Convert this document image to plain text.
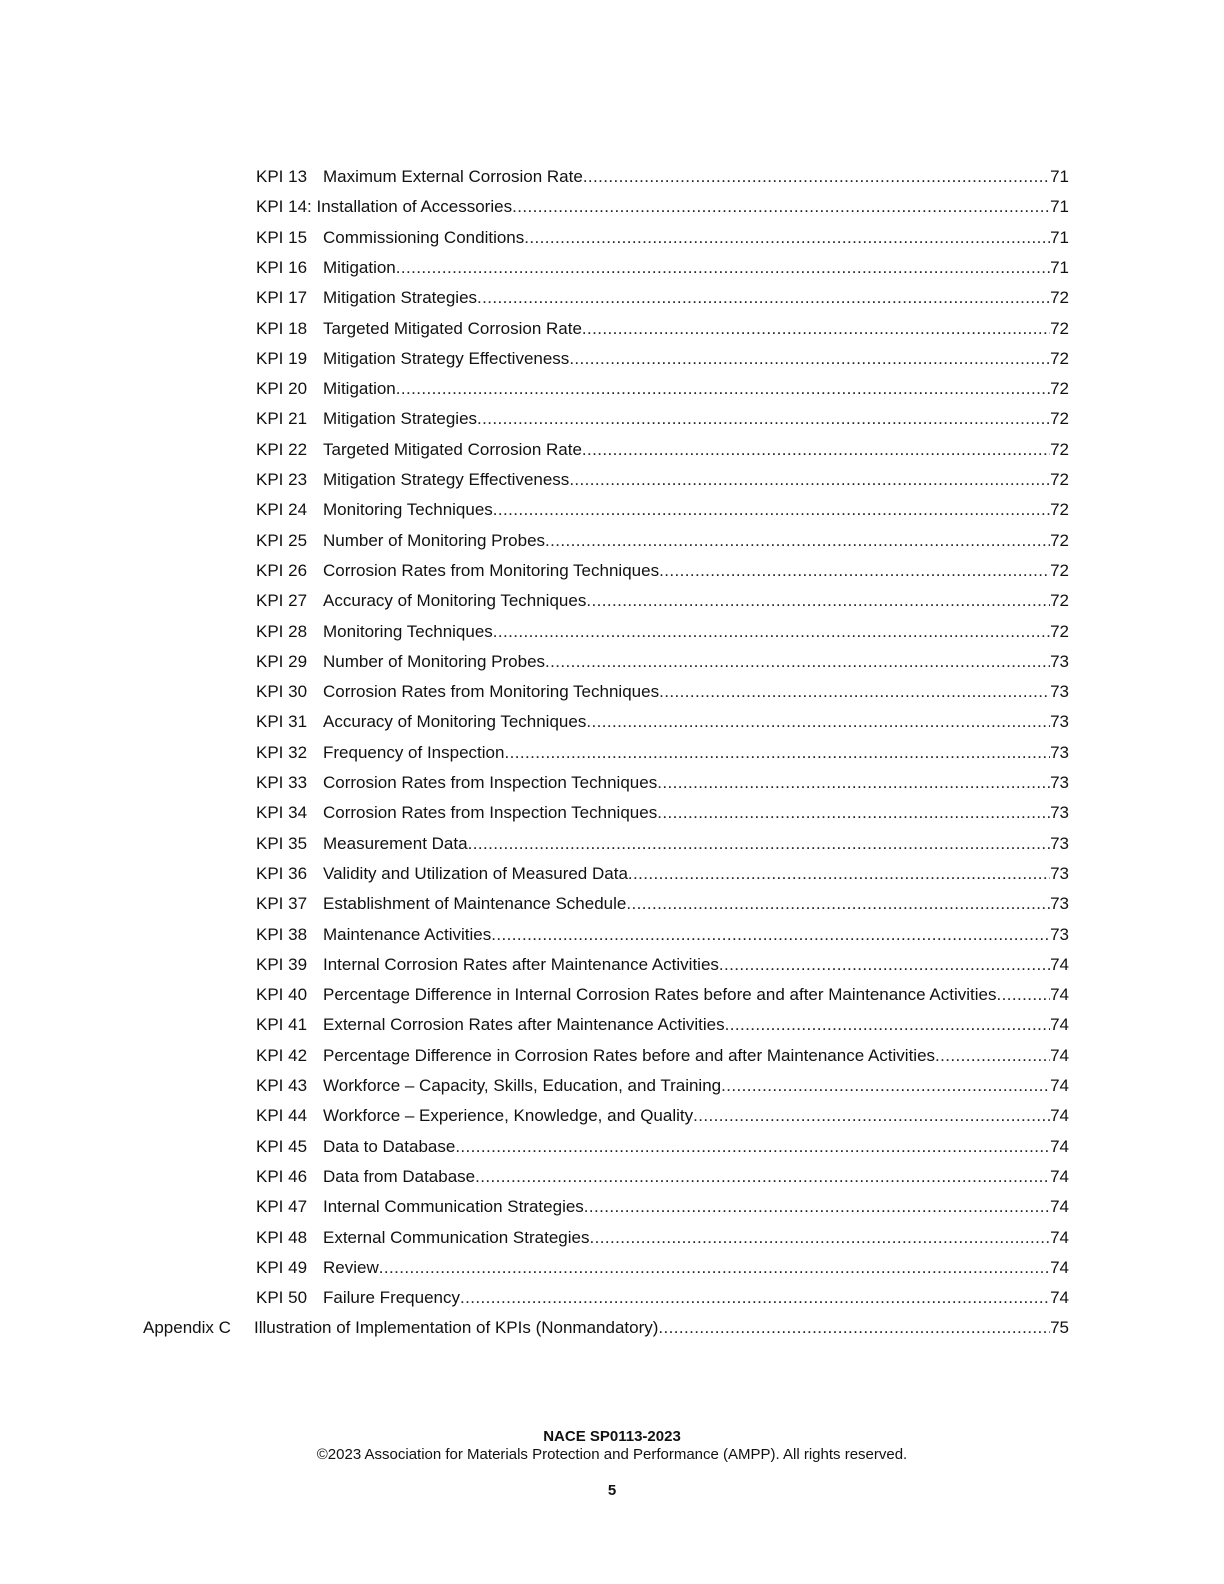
KPI 13 Maximum External Corrosion Rate .....	71
KPI 14: Installation of Accessories .....	71
KPI 15 Commissioning Conditions .....	71
KPI 16 Mitigation .....	71
KPI 17 Mitigation Strategies .....	72
KPI 18 Targeted Mitigated Corrosion Rate .....	72
KPI 19 Mitigation Strategy Effectiveness .....	72
KPI 20 Mitigation .....	72
KPI 21 Mitigation Strategies .....	72
KPI 22 Targeted Mitigated Corrosion Rate .....	72
KPI 23 Mitigation Strategy Effectiveness .....	72
KPI 24 Monitoring Techniques .....	72
KPI 25 Number of Monitoring Probes .....	72
KPI 26 Corrosion Rates from Monitoring Techniques .....	72
KPI 27 Accuracy of Monitoring Techniques .....	72
KPI 28 Monitoring Techniques .....	72
KPI 29 Number of Monitoring Probes .....	73
KPI 30 Corrosion Rates from Monitoring Techniques .....	73
KPI 31 Accuracy of Monitoring Techniques .....	73
KPI 32 Frequency of Inspection .....	73
KPI 33 Corrosion Rates from Inspection Techniques .....	73
KPI 34 Corrosion Rates from Inspection Techniques .....	73
KPI 35 Measurement Data .....	73
KPI 36 Validity and Utilization of Measured Data .....	73
KPI 37 Establishment of Maintenance Schedule .....	73
KPI 38 Maintenance Activities .....	73
KPI 39 Internal Corrosion Rates after Maintenance Activities .....	74
KPI 40 Percentage Difference in Internal Corrosion Rates before and after Maintenance Activities .....	74
KPI 41 External Corrosion Rates after Maintenance Activities .....	74
KPI 42 Percentage Difference in Corrosion Rates before and after Maintenance Activities .....	74
KPI 43 Workforce – Capacity, Skills, Education, and Training .....	74
KPI 44 Workforce – Experience, Knowledge, and Quality .....	74
KPI 45 Data to Database .....	74
KPI 46 Data from Database .....	74
KPI 47 Internal Communication Strategies .....	74
KPI 48 External Communication Strategies .....	74
KPI 49 Review .....	74
KPI 50 Failure Frequency .....	74
Appendix C Illustration of Implementation of KPIs (Nonmandatory) .....	75
NACE SP0113-2023
©2023 Association for Materials Protection and Performance (AMPP). All rights reserved.
5
